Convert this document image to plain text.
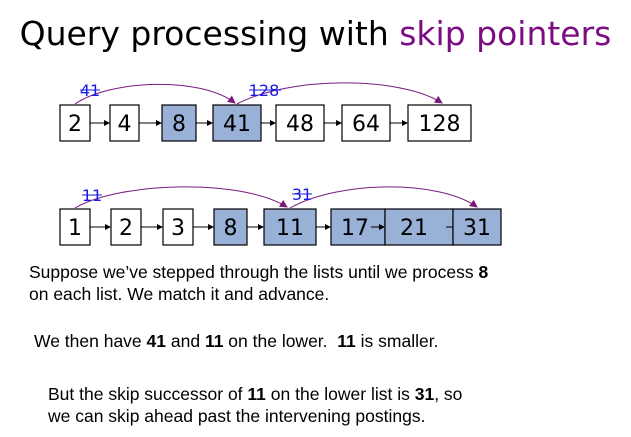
Query processing with skip pointers
2 4 8 41 48 64 128
41	128
1 2 3 8 11 17 21 31
11	31
Suppose we’ve stepped through the lists until we process 8
on each list. We match it and advance.
We then have 41 and 11 on the lower.  11 is smaller.
But the skip successor of 11 on the lower list is 31, so
we can skip ahead past the intervening postings.
